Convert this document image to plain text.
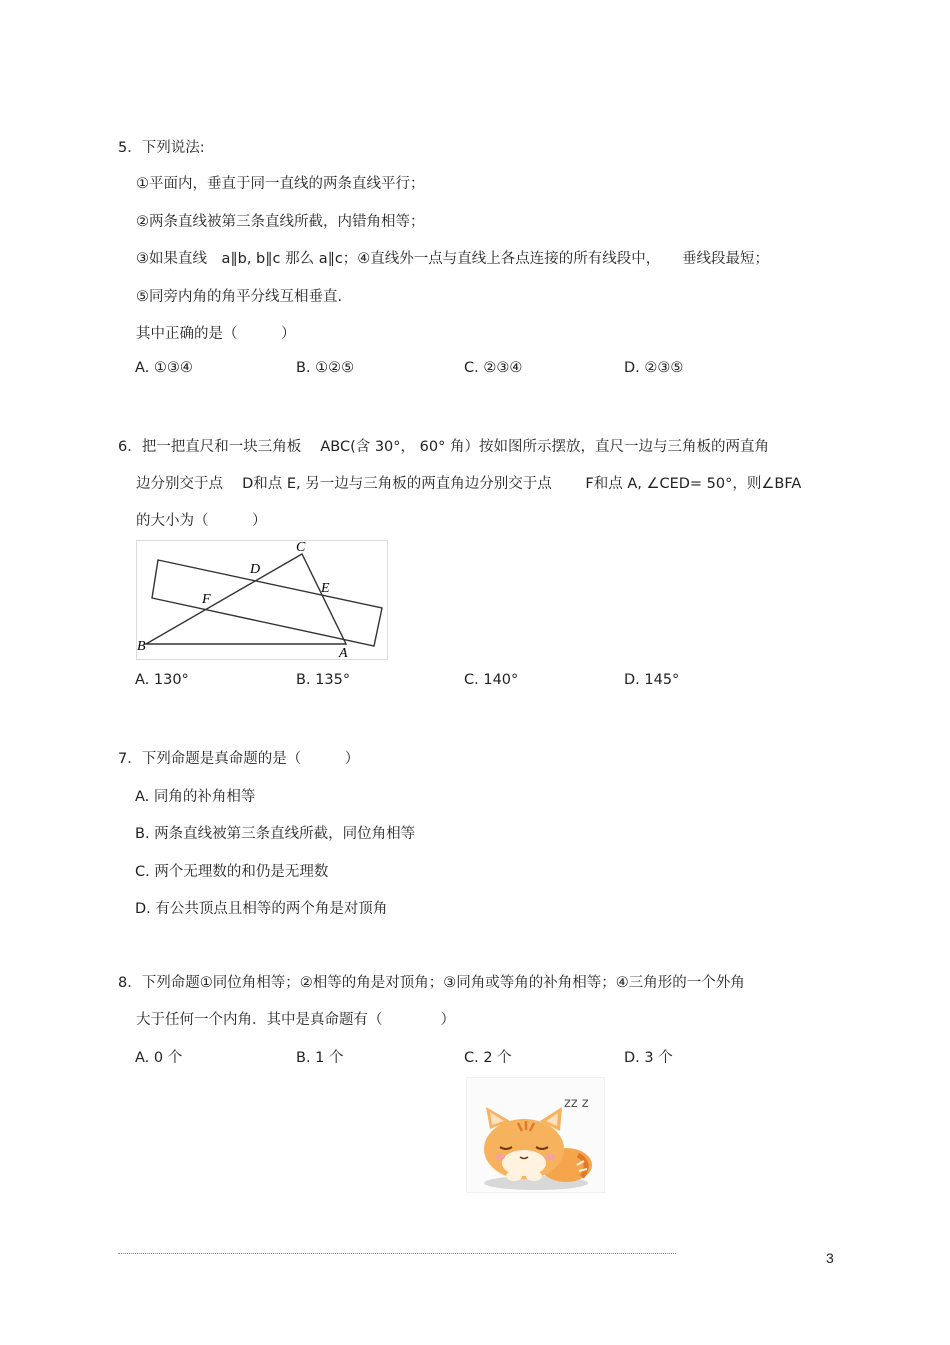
5．下列说法:
①平面内，垂直于同一直线的两条直线平行；
②两条直线被第三条直线所截，内错角相等；
③如果直线　a∥b, b∥c 那么 a∥c；④直线外一点与直线上各点连接的所有线段中，　　垂线段最短；
⑤同旁内角的角平分线互相垂直.
其中正确的是（　　　）
A. ①③④	B. ①②⑤	C. ②③④	D. ②③⑤
6．把一把直尺和一块三角板　 ABC(含 30°， 60° 角）按如图所示摆放，直尺一边与三角板的两直角
边分别交于点　 D和点 E, 另一边与三角板的两直角边分别交于点　　 F和点 A, ∠CED= 50°，则∠BFA
的大小为（　　　）
C
D
E
F
B	A
A. 130°	B. 135°	C. 140°	D. 145°
7．下列命题是真命题的是（　　　）
A. 同角的补角相等
B. 两条直线被第三条直线所截，同位角相等
C. 两个无理数的和仍是无理数
D. 有公共顶点且相等的两个角是对顶角
8．下列命题①同位角相等；②相等的角是对顶角；③同角或等角的补角相等；④三角形的一个外角
大于任何一个内角．其中是真命题有（　　　　）
A. 0 个	B. 1 个	C. 2 个	D. 3 个
zz z
3
